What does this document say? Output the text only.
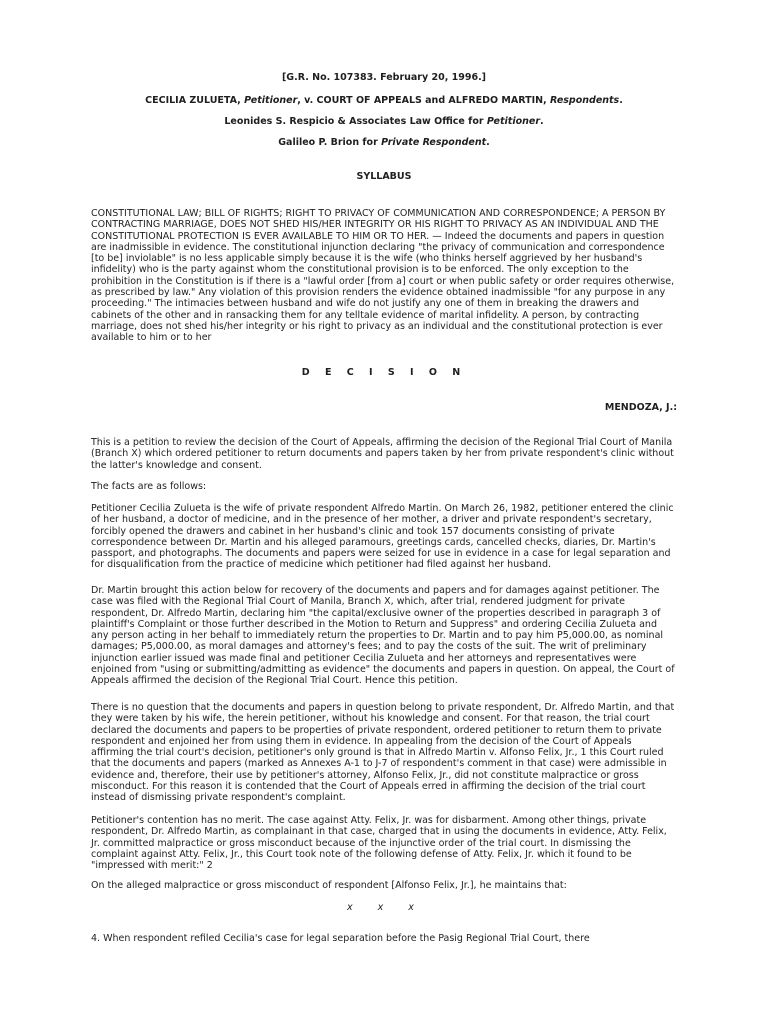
[G.R. No. 107383. February 20, 1996.]
CECILIA ZULUETA, Petitioner, v. COURT OF APPEALS and ALFREDO MARTIN, Respondents.
Leonides S. Respicio & Associates Law Office for Petitioner.
Galileo P. Brion for Private Respondent.
SYLLABUS
CONSTITUTIONAL LAW; BILL OF RIGHTS; RIGHT TO PRIVACY OF COMMUNICATION AND CORRESPONDENCE; A PERSON BY CONTRACTING MARRIAGE, DOES NOT SHED HIS/HER INTEGRITY OR HIS RIGHT TO PRIVACY AS AN INDIVIDUAL AND THE CONSTITUTIONAL PROTECTION IS EVER AVAILABLE TO HIM OR TO HER. — Indeed the documents and papers in question are inadmissible in evidence. The constitutional injunction declaring "the privacy of communication and correspondence [to be] inviolable" is no less applicable simply because it is the wife (who thinks herself aggrieved by her husband's infidelity) who is the party against whom the constitutional provision is to be enforced. The only exception to the prohibition in the Constitution is if there is a "lawful order [from a] court or when public safety or order requires otherwise, as prescribed by law." Any violation of this provision renders the evidence obtained inadmissible "for any purpose in any proceeding." The intimacies between husband and wife do not justify any one of them in breaking the drawers and cabinets of the other and in ransacking them for any telltale evidence of marital infidelity. A person, by contracting marriage, does not shed his/her integrity or his right to privacy as an individual and the constitutional protection is ever available to him or to her
D E C I S I O N
MENDOZA, J.:
This is a petition to review the decision of the Court of Appeals, affirming the decision of the Regional Trial Court of Manila (Branch X) which ordered petitioner to return documents and papers taken by her from private respondent's clinic without the latter's knowledge and consent.
The facts are as follows:
Petitioner Cecilia Zulueta is the wife of private respondent Alfredo Martin. On March 26, 1982, petitioner entered the clinic of her husband, a doctor of medicine, and in the presence of her mother, a driver and private respondent's secretary, forcibly opened the drawers and cabinet in her husband's clinic and took 157 documents consisting of private correspondence between Dr. Martin and his alleged paramours, greetings cards, cancelled checks, diaries, Dr. Martin's passport, and photographs. The documents and papers were seized for use in evidence in a case for legal separation and for disqualification from the practice of medicine which petitioner had filed against her husband.
Dr. Martin brought this action below for recovery of the documents and papers and for damages against petitioner. The case was filed with the Regional Trial Court of Manila, Branch X, which, after trial, rendered judgment for private respondent, Dr. Alfredo Martin, declaring him "the capital/exclusive owner of the properties described in paragraph 3 of plaintiff's Complaint or those further described in the Motion to Return and Suppress" and ordering Cecilia Zulueta and any person acting in her behalf to immediately return the properties to Dr. Martin and to pay him P5,000.00, as nominal damages; P5,000.00, as moral damages and attorney's fees; and to pay the costs of the suit. The writ of preliminary injunction earlier issued was made final and petitioner Cecilia Zulueta and her attorneys and representatives were enjoined from "using or submitting/admitting as evidence" the documents and papers in question. On appeal, the Court of Appeals affirmed the decision of the Regional Trial Court. Hence this petition.
There is no question that the documents and papers in question belong to private respondent, Dr. Alfredo Martin, and that they were taken by his wife, the herein petitioner, without his knowledge and consent. For that reason, the trial court declared the documents and papers to be properties of private respondent, ordered petitioner to return them to private respondent and enjoined her from using them in evidence. In appealing from the decision of the Court of Appeals affirming the trial court's decision, petitioner's only ground is that in Alfredo Martin v. Alfonso Felix, Jr., 1 this Court ruled that the documents and papers (marked as Annexes A-1 to J-7 of respondent's comment in that case) were admissible in evidence and, therefore, their use by petitioner's attorney, Alfonso Felix, Jr., did not constitute malpractice or gross misconduct. For this reason it is contended that the Court of Appeals erred in affirming the decision of the trial court instead of dismissing private respondent's complaint.
Petitioner's contention has no merit. The case against Atty. Felix, Jr. was for disbarment. Among other things, private respondent, Dr. Alfredo Martin, as complainant in that case, charged that in using the documents in evidence, Atty. Felix, Jr. committed malpractice or gross misconduct because of the injunctive order of the trial court. In dismissing the complaint against Atty. Felix, Jr., this Court took note of the following defense of Atty. Felix, Jr. which it found to be "impressed with merit:" 2
On the alleged malpractice or gross misconduct of respondent [Alfonso Felix, Jr.], he maintains that:
x x x
4. When respondent refiled Cecilia's case for legal separation before the Pasig Regional Trial Court, there
